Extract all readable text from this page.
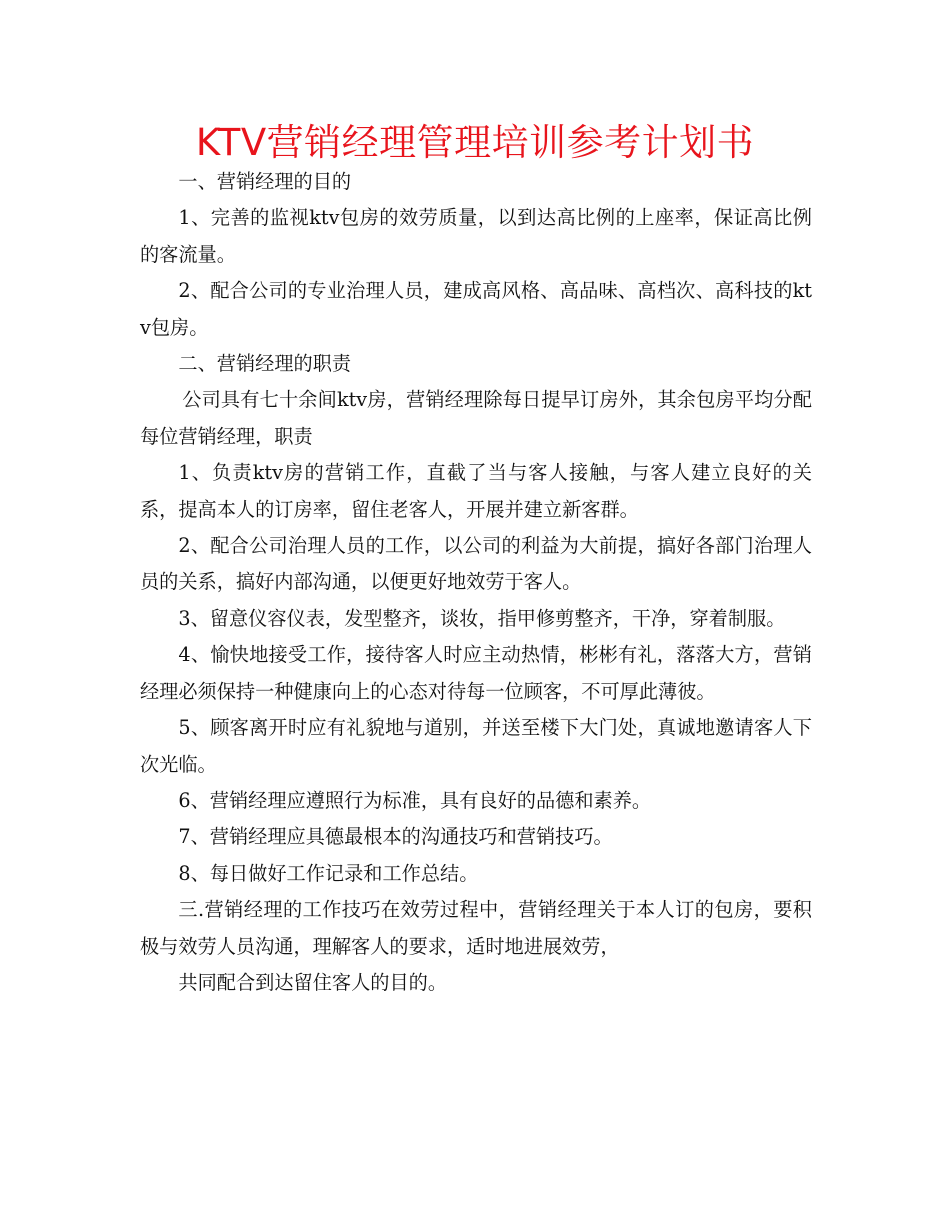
KTV营销经理管理培训参考计划书

一、营销经理的目的

1、完善的监视ktv包房的效劳质量，以到达高比例的上座率，保证高比例的客流量。

2、配合公司的专业治理人员，建成高风格、高品味、高档次、高科技的ktv包房。

二、营销经理的职责

公司具有七十余间ktv房，营销经理除每日提早订房外，其余包房平均分配每位营销经理，职责

1、负责ktv房的营销工作，直截了当与客人接触，与客人建立良好的关系，提高本人的订房率，留住老客人，开展并建立新客群。

2、配合公司治理人员的工作，以公司的利益为大前提，搞好各部门治理人员的关系，搞好内部沟通，以便更好地效劳于客人。

3、留意仪容仪表，发型整齐，谈妆，指甲修剪整齐，干净，穿着制服。

4、愉快地接受工作，接待客人时应主动热情，彬彬有礼，落落大方，营销经理必须保持一种健康向上的心态对待每一位顾客，不可厚此薄彼。

5、顾客离开时应有礼貌地与道别，并送至楼下大门处，真诚地邀请客人下次光临。

6、营销经理应遵照行为标准，具有良好的品德和素养。

7、营销经理应具德最根本的沟通技巧和营销技巧。

8、每日做好工作记录和工作总结。

三.营销经理的工作技巧在效劳过程中，营销经理关于本人订的包房，要积极与效劳人员沟通，理解客人的要求，适时地进展效劳，

共同配合到达留住客人的目的。
